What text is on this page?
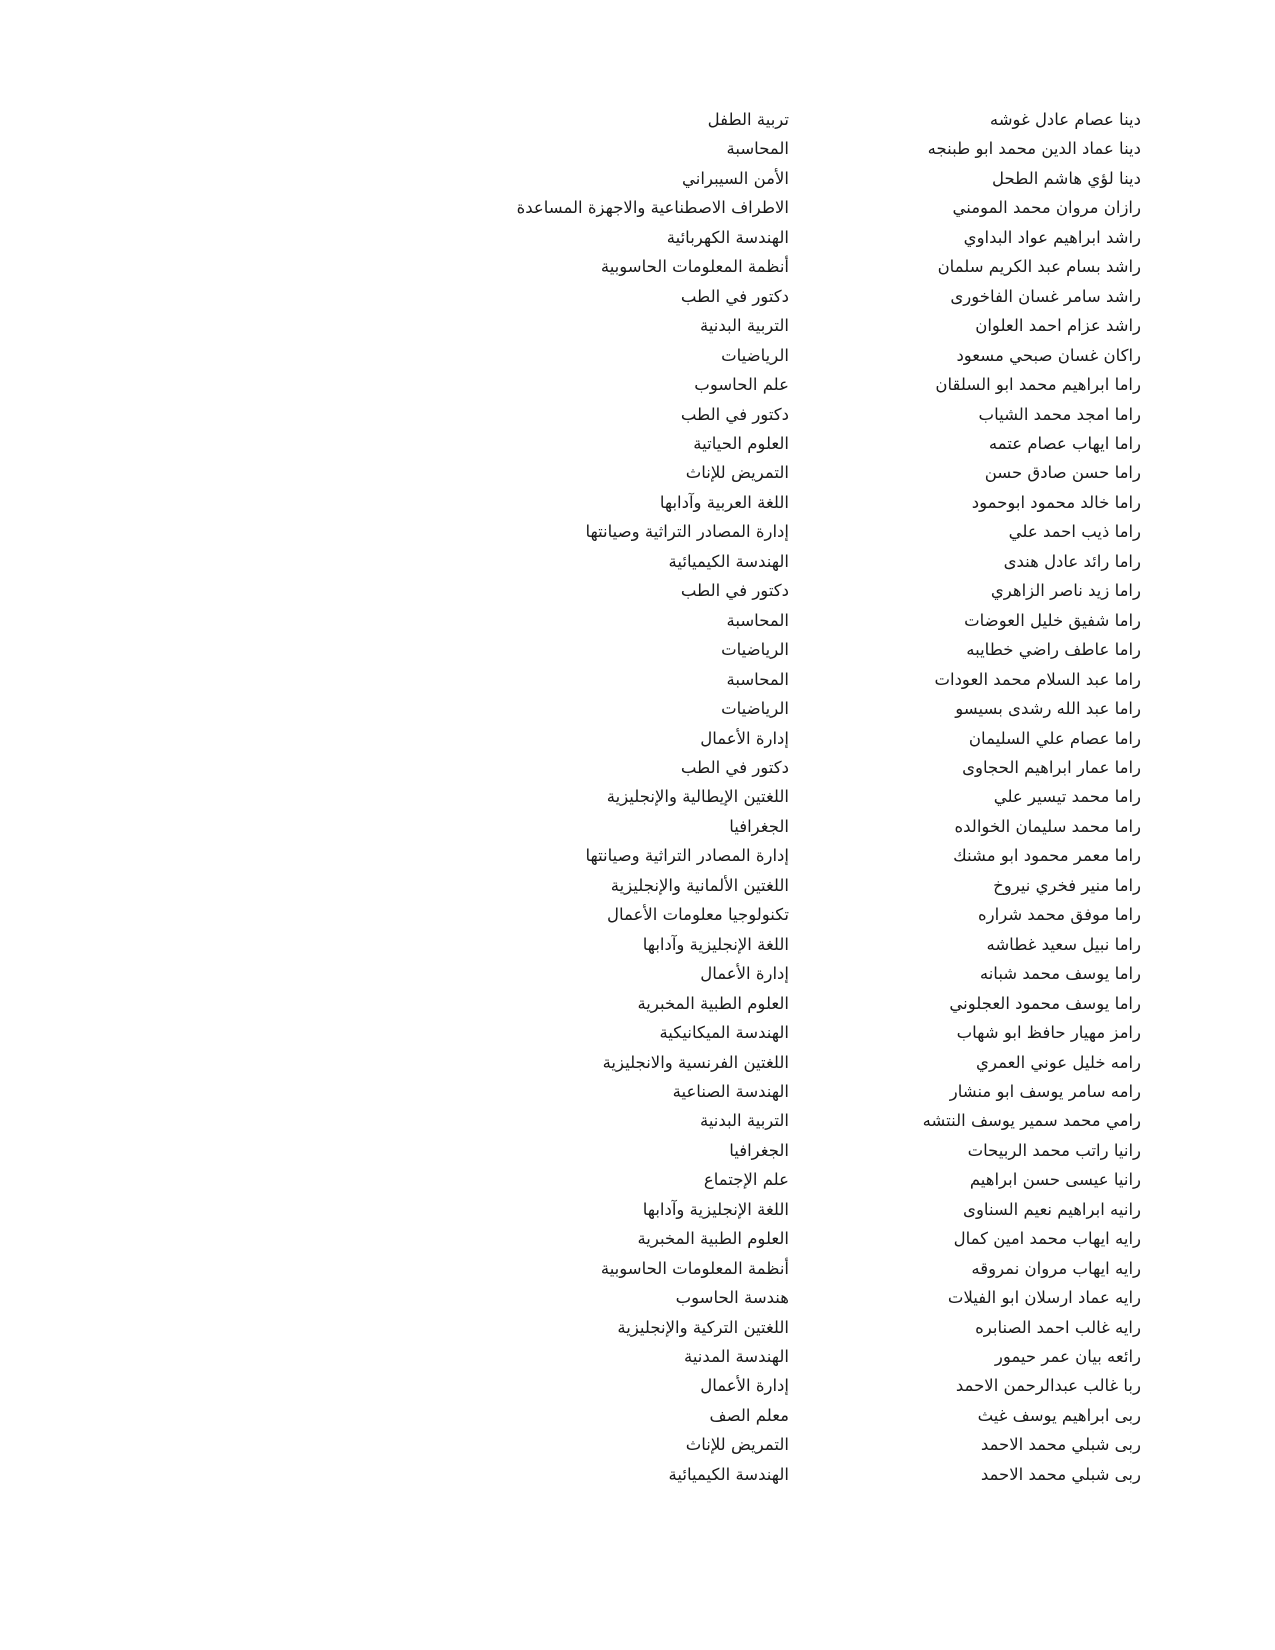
دينا عصام عادل غوشه
تربية الطفل
دينا عماد الدين محمد ابو طبنجه
المحاسبة
دينا لؤي هاشم الطحل
الأمن السيبراني
رازان مروان محمد المومني
الاطراف الاصطناعية والاجهزة المساعدة
راشد ابراهيم عواد البداوي
الهندسة الكهربائية
راشد بسام عبد الكريم سلمان
أنظمة المعلومات الحاسوبية
راشد سامر غسان الفاخورى
دكتور في الطب
راشد عزام احمد العلوان
التربية البدنية
راكان غسان صبحي مسعود
الرياضيات
راما ابراهيم محمد ابو السلقان
علم الحاسوب
راما امجد محمد الشياب
دكتور في الطب
راما ايهاب عصام عتمه
العلوم الحياتية
راما حسن صادق حسن
التمريض للإناث
راما خالد محمود ابوحمود
اللغة العربية وآدابها
راما ذيب احمد علي
إدارة المصادر التراثية وصيانتها
راما رائد عادل هندى
الهندسة الكيميائية
راما زيد ناصر الزاهري
دكتور في الطب
راما شفيق خليل العوضات
المحاسبة
راما عاطف راضي خطايبه
الرياضيات
راما عبد السلام محمد العودات
المحاسبة
راما عبد الله رشدى بسيسو
الرياضيات
راما عصام علي السليمان
إدارة الأعمال
راما عمار ابراهيم الحجاوى
دكتور في الطب
راما محمد تيسير علي
اللغتين الإيطالية والإنجليزية
راما محمد سليمان الخوالده
الجغرافيا
راما معمر محمود ابو مشنك
إدارة المصادر التراثية وصيانتها
راما منير فخري نيروخ
اللغتين الألمانية والإنجليزية
راما موفق محمد شراره
تكنولوجيا معلومات الأعمال
راما نبيل سعيد غطاشه
اللغة الإنجليزية وآدابها
راما يوسف محمد شبانه
إدارة الأعمال
راما يوسف محمود العجلوني
العلوم الطبية المخبرية
رامز مهيار حافظ ابو شهاب
الهندسة الميكانيكية
رامه خليل عوني العمري
اللغتين الفرنسية والانجليزية
رامه سامر يوسف ابو منشار
الهندسة الصناعية
رامي محمد سمير يوسف النتشه
التربية البدنية
رانيا راتب محمد الربيحات
الجغرافيا
رانيا عيسى حسن ابراهيم
علم الإجتماع
رانيه ابراهيم نعيم السناوى
اللغة الإنجليزية وآدابها
رايه ايهاب محمد امين كمال
العلوم الطبية المخبرية
رايه ايهاب مروان نمروقه
أنظمة المعلومات الحاسوبية
رايه عماد ارسلان ابو الفيلات
هندسة الحاسوب
رايه غالب احمد الصنابره
اللغتين التركية والإنجليزية
رائعه بيان عمر حيمور
الهندسة المدنية
ربا غالب عبدالرحمن الاحمد
إدارة الأعمال
ربى ابراهيم يوسف غيث
معلم الصف
ربى شبلي محمد الاحمد
التمريض للإناث
ربى شبلي محمد الاحمد
الهندسة الكيميائية
